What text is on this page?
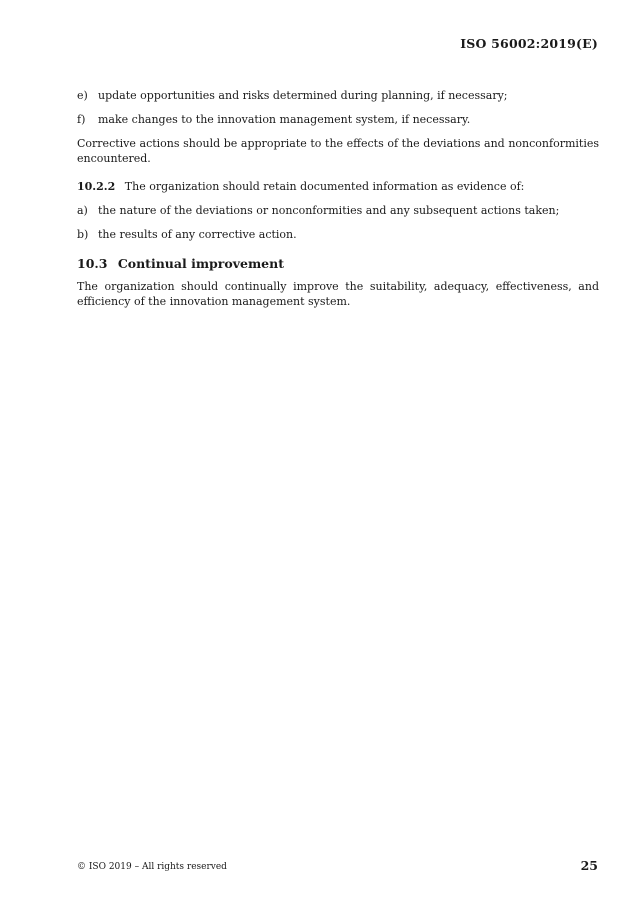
ISO 56002:2019(E)
e) update opportunities and risks determined during planning, if necessary;
f)	make changes to the innovation management system, if necessary.

Corrective actions should be appropriate to the effects of the deviations and nonconformities encountered.

10.2.2 The organization should retain documented information as evidence of:
a) the nature of the deviations or nonconformities and any subsequent actions taken;
b) the results of any corrective action.
10.3 Continual improvement

The organization should continually improve the suitability, adequacy, effectiveness, and efficiency of the innovation management system.

© ISO 2019 – All rights reserved	25
